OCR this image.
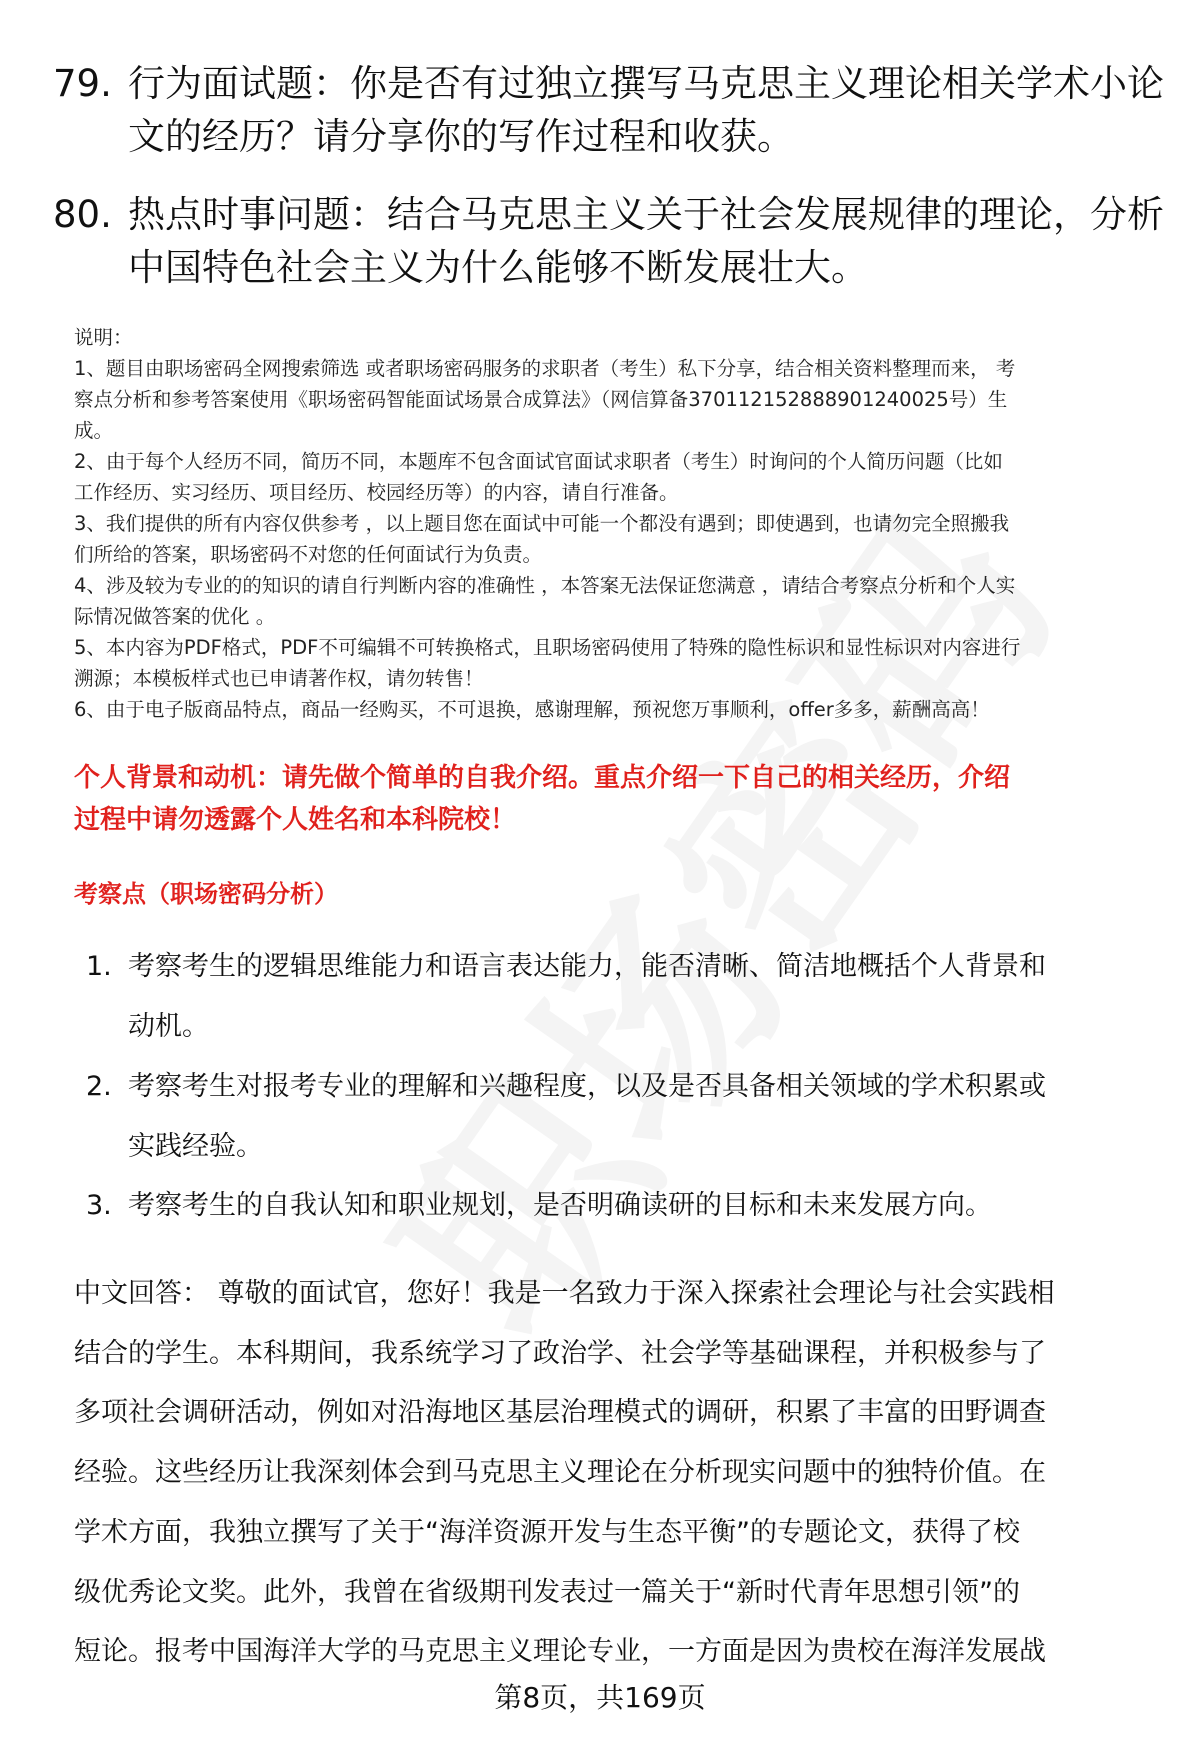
79. 行为面试题：你是否有过独立撰写马克思主义理论相关学术小论
文的经历？请分享你的写作过程和收获。
80. 热点时事问题：结合马克思主义关于社会发展规律的理论，分析
中国特色社会主义为什么能够不断发展壮大。
说明：
1、题目由职场密码全网搜索筛选 或者职场密码服务的求职者（考生）私下分享，结合相关资料整理而来， 考
察点分析和参考答案使用《职场密码智能面试场景合成算法》（网信算备370112152888901240025号）生
成。
2、由于每个人经历不同，简历不同，本题库不包含面试官面试求职者（考生）时询问的个人简历问题（比如
工作经历、实习经历、项目经历、校园经历等）的内容，请自行准备。
3、我们提供的所有内容仅供参考 ，以上题目您在面试中可能一个都没有遇到；即使遇到，也请勿完全照搬我
们所给的答案，职场密码不对您的任何面试行为负责。
4、涉及较为专业的的知识的请自行判断内容的准确性 ，本答案无法保证您满意 ，请结合考察点分析和个人实
际情况做答案的优化 。
5、本内容为PDF格式，PDF不可编辑不可转换格式，且职场密码使用了特殊的隐性标识和显性标识对内容进行
溯源；本模板样式也已申请著作权，请勿转售！
6、由于电子版商品特点，商品一经购买，不可退换，感谢理解，预祝您万事顺利，offer多多，薪酬高高！
个人背景和动机：请先做个简单的自我介绍。重点介绍一下自己的相关经历，介绍
过程中请勿透露个人姓名和本科院校！
考察点（职场密码分析）
1. 考察考生的逻辑思维能力和语言表达能力，能否清晰、简洁地概括个人背景和
动机。
2. 考察考生对报考专业的理解和兴趣程度，以及是否具备相关领域的学术积累或
实践经验。
3. 考察考生的自我认知和职业规划，是否明确读研的目标和未来发展方向。
中文回答： 尊敬的面试官，您好！我是一名致力于深入探索社会理论与社会实践相
结合的学生。本科期间，我系统学习了政治学、社会学等基础课程，并积极参与了
多项社会调研活动，例如对沿海地区基层治理模式的调研，积累了丰富的田野调查
经验。这些经历让我深刻体会到马克思主义理论在分析现实问题中的独特价值。在
学术方面，我独立撰写了关于“海洋资源开发与生态平衡”的专题论文，获得了校
级优秀论文奖。此外，我曾在省级期刊发表过一篇关于“新时代青年思想引领”的
短论。报考中国海洋大学的马克思主义理论专业，一方面是因为贵校在海洋发展战
第8页，共169页
